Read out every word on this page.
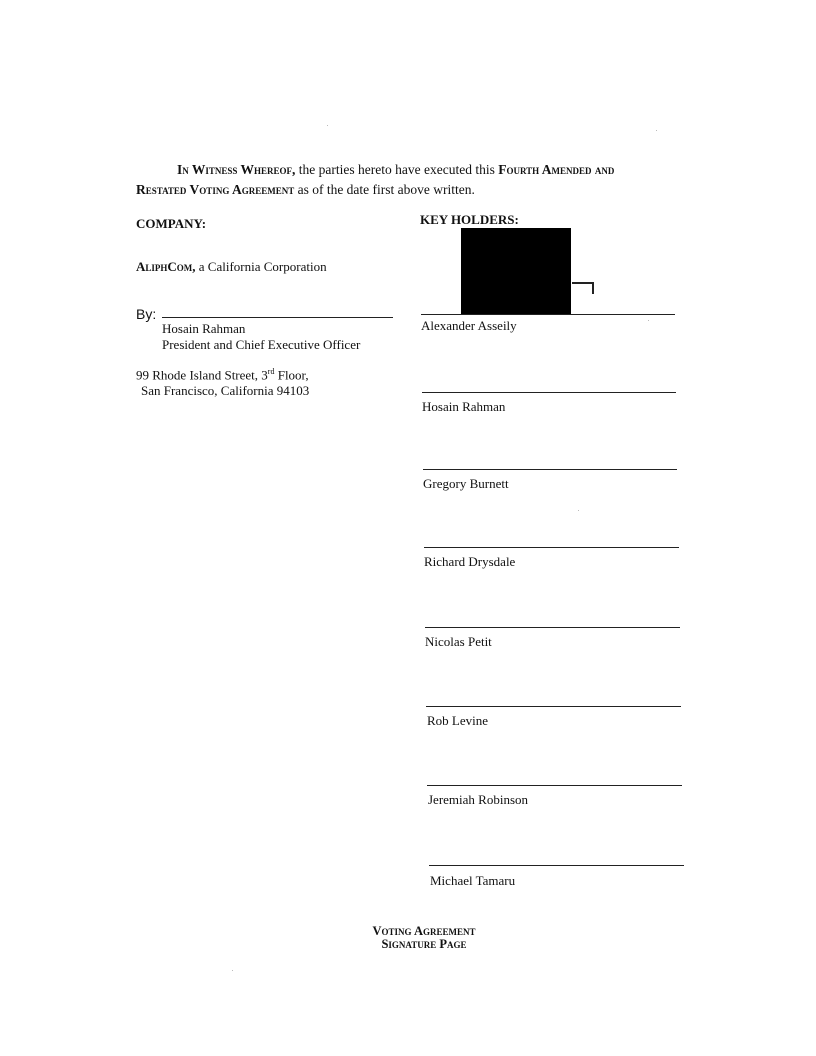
In Witness Whereof, the parties hereto have executed this Fourth Amended and
Restated Voting Agreement as of the date first above written.
COMPANY:
AliphCom, a California Corporation
By:
Hosain Rahman
President and Chief Executive Officer
99 Rhode Island Street, 3rd Floor,
San Francisco, California 94103
KEY HOLDERS:
Alexander Asseily
Hosain Rahman
Gregory Burnett
Richard Drysdale
Nicolas Petit
Rob Levine
Jeremiah Robinson
Michael Tamaru
Voting Agreement
Signature Page
